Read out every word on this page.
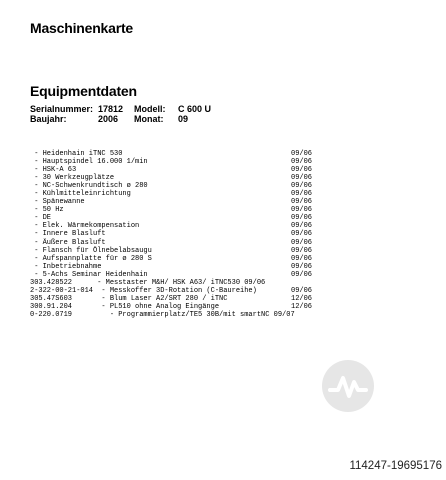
Maschinenkarte
Equipmentdaten
Serialnummer: 17812 Modell: C 600 U
Baujahr:	2006 Monat: 09
- Heidenhain iTNC 530	09/06
- Hauptspindel 16.000 1/min	09/06
- HSK-A 63	09/06
- 30 Werkzeugplätze	09/06
- NC-Schwenkrundtisch ø 280	09/06
- Kühlmitteleinrichtung	09/06
- Spänewanne	09/06
- 50 Hz	09/06
- DE	09/06
- Elek. Wärmekompensation	09/06
- Innere Blasluft	09/06
- Äußere Blasluft	09/06
- Flansch für Ölnebelabsaugu	09/06
- Aufspannplatte für ø 280 S	09/06
- Inbetriebnahme	09/06
- 5-Achs Seminar Heidenhain	09/06
303.428522      - Messtaster M&H/ HSK A63/ iTNC530 09/06
2-322-00-21-014  - Messkoffer 3D-Rotation (C-Baureihe)	09/06
305.47S603       - Blum Laser A2/SRT 280 / iTNC	12/06
300.91.204       - PL510 ohne Analog Eingänge	12/06
0-220.0719         - Programmierplatz/TE5 30B/mit smartNC 09/07
114247-19695176
